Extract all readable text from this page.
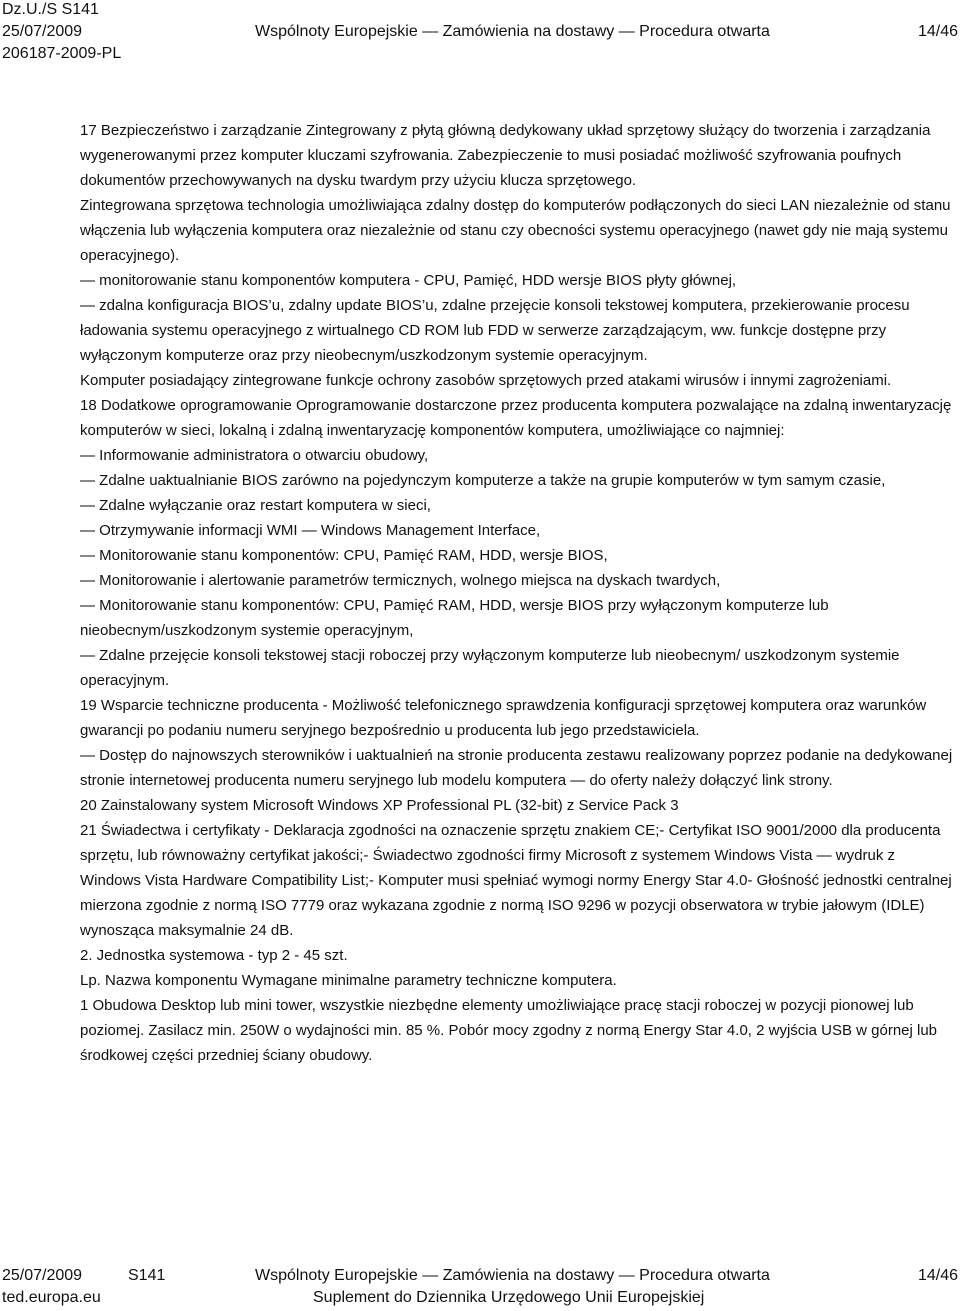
Dz.U./S S141
25/07/2009	Wspólnoty Europejskie — Zamówienia na dostawy — Procedura otwarta	14/46
206187-2009-PL

17 Bezpieczeństwo i zarządzanie Zintegrowany z płytą główną dedykowany układ sprzętowy służący do tworzenia i zarządzania wygenerowanymi przez komputer kluczami szyfrowania. Zabezpieczenie to musi posiadać możliwość szyfrowania poufnych dokumentów przechowywanych na dysku twardym przy użyciu klucza sprzętowego.

Zintegrowana sprzętowa technologia umożliwiająca zdalny dostęp do komputerów podłączonych do sieci LAN niezależnie od stanu włączenia lub wyłączenia komputera oraz niezależnie od stanu czy obecności systemu operacyjnego (nawet gdy nie mają systemu operacyjnego).

— monitorowanie stanu komponentów komputera - CPU, Pamięć, HDD wersje BIOS płyty głównej,

— zdalna konfiguracja BIOS’u, zdalny update BIOS’u, zdalne przejęcie konsoli tekstowej komputera, przekierowanie procesu ładowania systemu operacyjnego z wirtualnego CD ROM lub FDD w serwerze zarządzającym, ww. funkcje dostępne przy wyłączonym komputerze oraz przy nieobecnym/uszkodzonym systemie operacyjnym.

Komputer posiadający zintegrowane funkcje ochrony zasobów sprzętowych przed atakami wirusów i innymi zagrożeniami.

18 Dodatkowe oprogramowanie Oprogramowanie dostarczone przez producenta komputera pozwalające na zdalną inwentaryzację komputerów w sieci, lokalną i zdalną inwentaryzację komponentów komputera, umożliwiające co najmniej:

— Informowanie administratora o otwarciu obudowy,

— Zdalne uaktualnianie BIOS zarówno na pojedynczym komputerze a także na grupie komputerów w tym samym czasie,

— Zdalne wyłączanie oraz restart komputera w sieci,

— Otrzymywanie informacji WMI — Windows Management Interface,

— Monitorowanie stanu komponentów: CPU, Pamięć RAM, HDD, wersje BIOS,

— Monitorowanie i alertowanie parametrów termicznych, wolnego miejsca na dyskach twardych,

— Monitorowanie stanu komponentów: CPU, Pamięć RAM, HDD, wersje BIOS przy wyłączonym komputerze lub nieobecnym/uszkodzonym systemie operacyjnym,

— Zdalne przejęcie konsoli tekstowej stacji roboczej przy wyłączonym komputerze lub nieobecnym/ uszkodzonym systemie operacyjnym.

19 Wsparcie techniczne producenta - Możliwość telefonicznego sprawdzenia konfiguracji sprzętowej komputera oraz warunków gwarancji po podaniu numeru seryjnego bezpośrednio u producenta lub jego przedstawiciela.

— Dostęp do najnowszych sterowników i uaktualnień na stronie producenta zestawu realizowany poprzez podanie na dedykowanej stronie internetowej producenta numeru seryjnego lub modelu komputera — do oferty należy dołączyć link strony.

20 Zainstalowany system Microsoft Windows XP Professional PL (32-bit) z Service Pack 3

21 Świadectwa i certyfikaty - Deklaracja zgodności na oznaczenie sprzętu znakiem CE;- Certyfikat ISO 9001/2000 dla producenta sprzętu, lub równoważny certyfikat jakości;- Świadectwo zgodności firmy Microsoft z systemem Windows Vista — wydruk z Windows Vista Hardware Compatibility List;- Komputer musi spełniać wymogi normy Energy Star 4.0- Głośność jednostki centralnej mierzona zgodnie z normą ISO 7779 oraz wykazana zgodnie z normą ISO 9296 w pozycji obserwatora w trybie jałowym (IDLE) wynosząca maksymalnie 24 dB.

2. Jednostka systemowa - typ 2 - 45 szt.

Lp. Nazwa komponentu Wymagane minimalne parametry techniczne komputera.

1 Obudowa Desktop lub mini tower, wszystkie niezbędne elementy umożliwiające pracę stacji roboczej w pozycji pionowej lub poziomej. Zasilacz min. 250W o wydajności min. 85 %. Pobór mocy zgodny z normą Energy Star 4.0, 2 wyjścia USB w górnej lub środkowej części przedniej ściany obudowy.

25/07/2009	S141	Wspólnoty Europejskie — Zamówienia na dostawy — Procedura otwarta	14/46
ted.europa.eu	Suplement do Dziennika Urzędowego Unii Europejskiej
